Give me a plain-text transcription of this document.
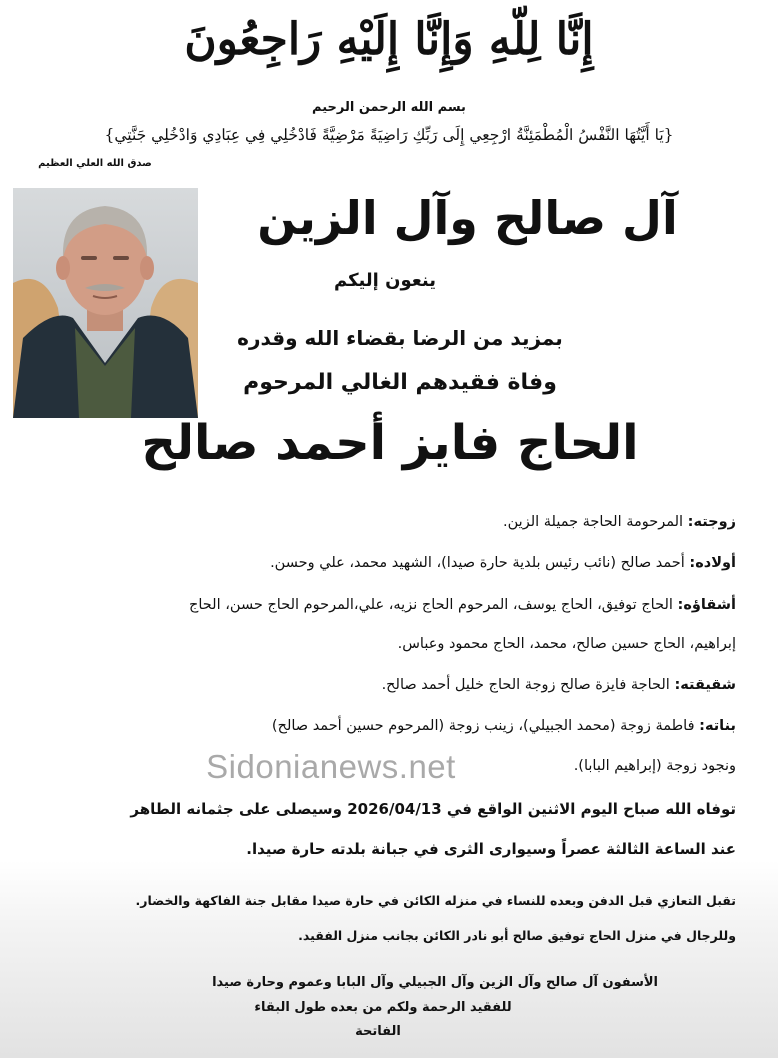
إِنَّا لِلّهِ وَإِنَّا إِلَيْهِ رَاجِعُونَ
بسم الله الرحمن الرحيم
{يَا أَيَّتُهَا النَّفْسُ الْمُطْمَئِنَّةُ ارْجِعِي إِلَى رَبِّكِ رَاضِيَةً مَرْضِيَّةً فَادْخُلِي فِي عِبَادِي وَادْخُلِي جَنَّتِي}
صدق الله العلي العظيم
آل صالح وآل الزين
ينعون إليكم
بمزيد من الرضا بقضاء الله وقدره
وفاة فقيدهم الغالي المرحوم
الحاج فايز أحمد صالح
زوجته: المرحومة الحاجة جميلة الزين.
أولاده: أحمد صالح (نائب رئيس بلدية حارة صيدا)، الشهيد محمد، علي وحسن.
أشقاؤه: الحاج توفيق، الحاج يوسف، المرحوم الحاج نزيه، علي،المرحوم الحاج حسن، الحاج
إبراهيم، الحاج حسين صالح، محمد، الحاج محمود وعباس.
شقيقته: الحاجة فايزة صالح زوجة الحاج خليل أحمد صالح.
بناته: فاطمة زوجة (محمد الجبيلي)، زينب زوجة (المرحوم حسين أحمد صالح)
ونجود زوجة (إبراهيم البابا).
Sidonianews.net
توفاه الله صباح اليوم الاثنين الواقع في 2026/04/13 وسيصلى على جثمانه الطاهر
عند الساعة الثالثة عصراً وسيوارى الثرى في جبانة بلدته حارة صيدا.
تقبل التعازي قبل الدفن وبعده للنساء في منزله الكائن في حارة صيدا مقابل جنة الفاكهة والخضار.
وللرجال في منزل الحاج توفيق صالح أبو نادر الكائن بجانب منزل الفقيد.
الأسفون آل صالح وآل الزين وآل الجبيلي وآل البابا وعموم وحارة صيدا
للفقيد الرحمة ولكم من بعده طول البقاء
الفاتحة
